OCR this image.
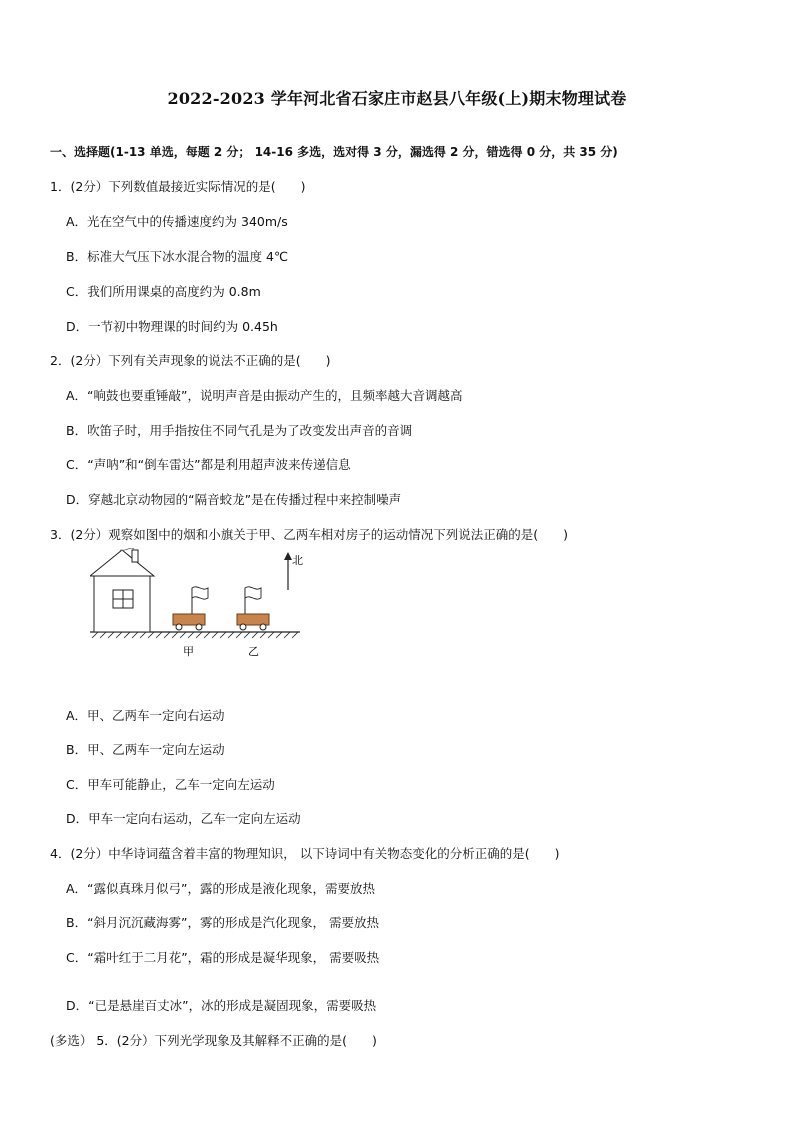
2022-2023 学年河北省石家庄市赵县八年级(上)期末物理试卷
一、选择题(1-13 单选，每题 2 分； 14-16 多选，选对得 3 分，漏选得 2 分，错选得 0 分，共 35 分)
1．(2分）下列数值最接近实际情况的是(　　)
A．光在空气中的传播速度约为 340m/s
B．标准大气压下冰水混合物的温度 4℃
C．我们所用课桌的高度约为 0.8m
D．一节初中物理课的时间约为 0.45h
2．(2分）下列有关声现象的说法不正确的是(　　)
A．“响鼓也要重锤敲”，说明声音是由振动产生的，且频率越大音调越高
B．吹笛子时，用手指按住不同气孔是为了改变发出声音的音调
C．“声呐”和“倒车雷达”都是利用超声波来传递信息
D．穿越北京动物园的“隔音蛟龙”是在传播过程中来控制噪声
3．(2分）观察如图中的烟和小旗关于甲、乙两车相对房子的运动情况下列说法正确的是(　　)
北
甲	乙
A．甲、乙两车一定向右运动
B．甲、乙两车一定向左运动
C．甲车可能静止，乙车一定向左运动
D．甲车一定向右运动，乙车一定向左运动
4．(2分）中华诗词蕴含着丰富的物理知识， 以下诗词中有关物态变化的分析正确的是(　　)
A．“露似真珠月似弓”，露的形成是液化现象，需要放热
B．“斜月沉沉藏海雾”，雾的形成是汽化现象， 需要放热
C．“霜叶红于二月花”，霜的形成是凝华现象， 需要吸热
D．“已是悬崖百丈冰”，冰的形成是凝固现象，需要吸热
(多选） 5．(2分）下列光学现象及其解释不正确的是(　　)
